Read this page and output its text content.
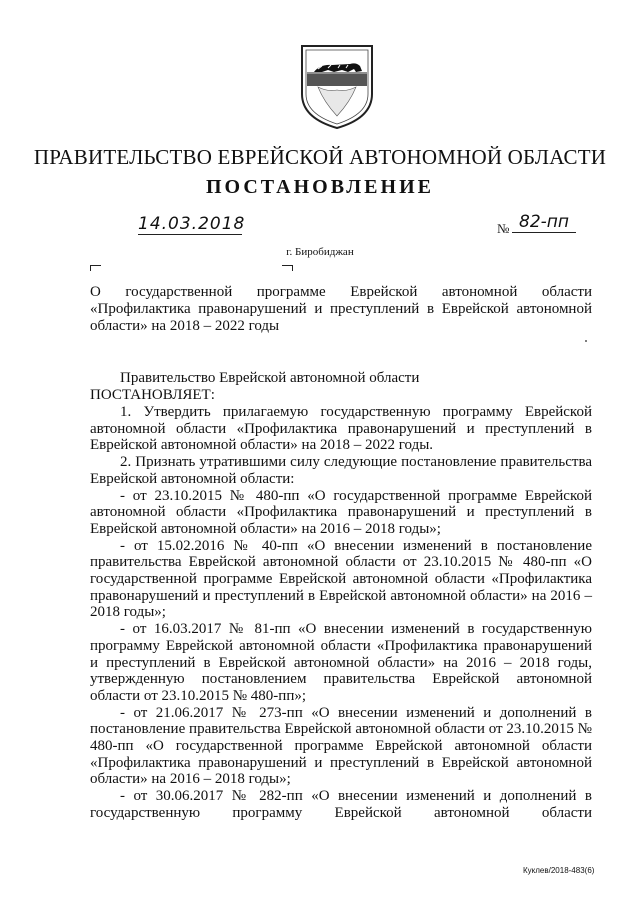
ПРАВИТЕЛЬСТВО ЕВРЕЙСКОЙ АВТОНОМНОЙ ОБЛАСТИ
ПОСТАНОВЛЕНИЕ
14.03.2018	№ 82-пп
г. Биробиджан
О государственной программе Еврейской автономной области «Профилактика правонарушений и преступлений в Еврейской автономной области» на 2018 – 2022 годы
Правительство Еврейской автономной области
ПОСТАНОВЛЯЕТ:

1. Утвердить прилагаемую государственную программу Еврейской автономной области «Профилактика правонарушений и преступлений в Еврейской автономной области» на 2018 – 2022 годы.

2. Признать утратившими силу следующие постановление правительства Еврейской автономной области:

- от 23.10.2015 № 480-пп «О государственной программе Еврейской автономной области «Профилактика правонарушений и преступлений в Еврейской автономной области» на 2016 – 2018 годы»;

- от 15.02.2016 № 40-пп «О внесении изменений в постановление правительства Еврейской автономной области от 23.10.2015 № 480-пп «О государственной программе Еврейской автономной области «Профилактика правонарушений и преступлений в Еврейской автономной области» на 2016 – 2018 годы»;

- от 16.03.2017 № 81-пп «О внесении изменений в государственную программу Еврейской автономной области «Профилактика правонарушений и преступлений в Еврейской автономной области» на 2016 – 2018 годы, утвержденную постановлением правительства Еврейской автономной области от 23.10.2015 № 480-пп»;

- от 21.06.2017 № 273-пп «О внесении изменений и дополнений в постановление правительства Еврейской автономной области от 23.10.2015 № 480-пп «О государственной программе Еврейской автономной области «Профилактика правонарушений и преступлений в Еврейской автономной области» на 2016 – 2018 годы»;

- от 30.06.2017 № 282-пп «О внесении изменений и дополнений в государственную программу Еврейской автономной области

Куклев/2018-483(6)
